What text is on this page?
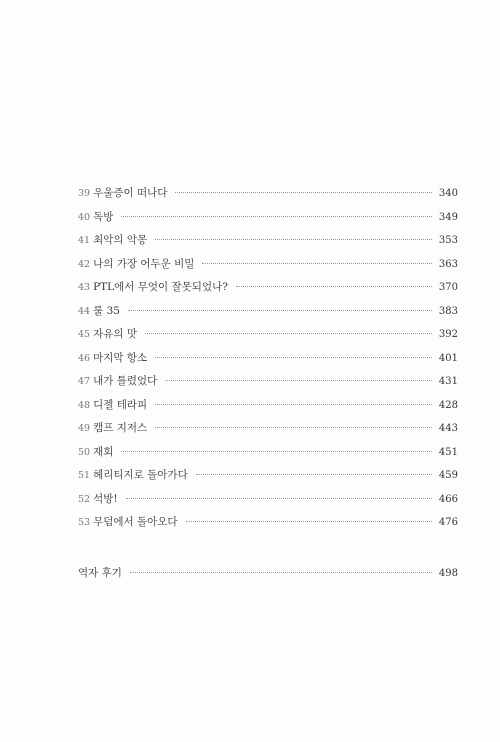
39 우울증이 떠나다	340
40 독방	349
41 최악의 악몽	353
42 나의 가장 어두운 비밀	363
43 PTL에서 무엇이 잘못되었나?	370
44 룰 35	383
45 자유의 맛	392
46 마지막 항소	401
47 내가 틀렸었다	431
48 디젤 테라피	428
49 캠프 지저스	443
50 재회	451
51 헤리티지로 돌아가다	459
52 석방!	466
53 무덤에서 돌아오다	476
역자 후기	498
